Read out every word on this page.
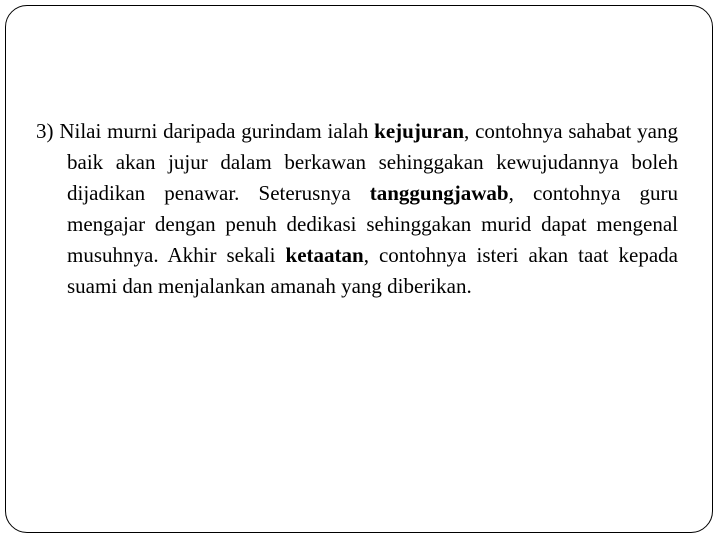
3) Nilai murni daripada gurindam ialah kejujuran, contohnya sahabat yang baik akan jujur dalam berkawan sehinggakan kewujudannya boleh dijadikan penawar. Seterusnya tanggungjawab, contohnya guru mengajar dengan penuh dedikasi sehinggakan murid dapat mengenal musuhnya. Akhir sekali ketaatan, contohnya isteri akan taat kepada suami dan menjalankan amanah yang diberikan.
